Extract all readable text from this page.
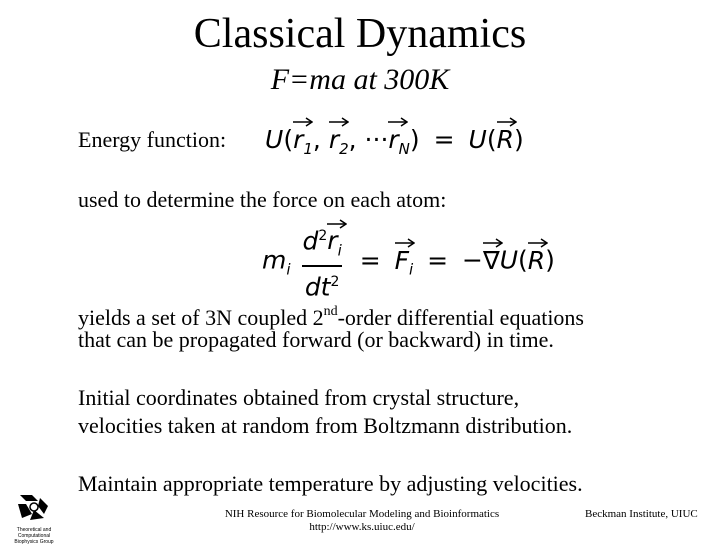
Classical Dynamics
F=ma at 300K
Energy function: U(
$r_1$, $r_2$, ···
$r_N) = U$(
R)
used to determine the force on each atom:
$m_i$ $d^2$
$r_i$
$dt^2 = F_i$ = −
∇U(
R)
yields a set of 3N coupled 2nd-order differential equations
that can be propagated forward (or backward) in time.
Initial coordinates obtained from crystal structure,
velocities taken at random from Boltzmann distribution.
Maintain appropriate temperature by adjusting velocities.
Theoretical and Computational Biophysics Group
NIH Resource for Biomolecular Modeling and Bioinformatics
http://www.ks.uiuc.edu/
Beckman Institute, UIUC
